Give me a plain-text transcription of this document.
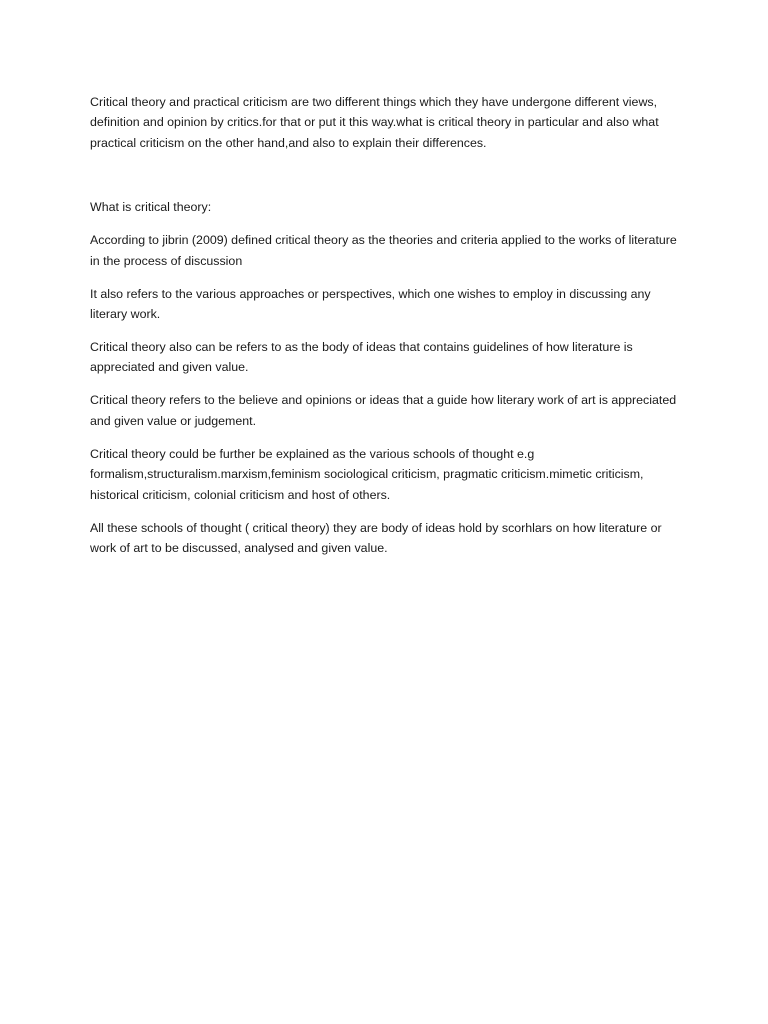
Critical theory and practical criticism are two different things which they have undergone different views, definition and opinion by critics.for that or put it this way.what is critical theory in particular and also what practical criticism on the other hand,and also to explain their differences.

What is critical theory:

According to jibrin (2009) defined critical theory as the theories and criteria applied to the works of literature in the process of discussion

It also refers to the various approaches or perspectives, which one wishes to employ in discussing any literary work.

Critical theory also can be refers to as the body of ideas that contains guidelines of how literature is appreciated and given value.

Critical theory refers to the believe and opinions or ideas that a guide how literary work of art is appreciated and given value or judgement.

Critical theory could be further be explained as the various schools of thought e.g formalism,structuralism.marxism,feminism sociological criticism, pragmatic criticism.mimetic criticism, historical criticism, colonial criticism and host of others.

All these schools of thought ( critical theory) they are body of ideas hold by scorhlars on how literature or work of art to be discussed, analysed and given value.
